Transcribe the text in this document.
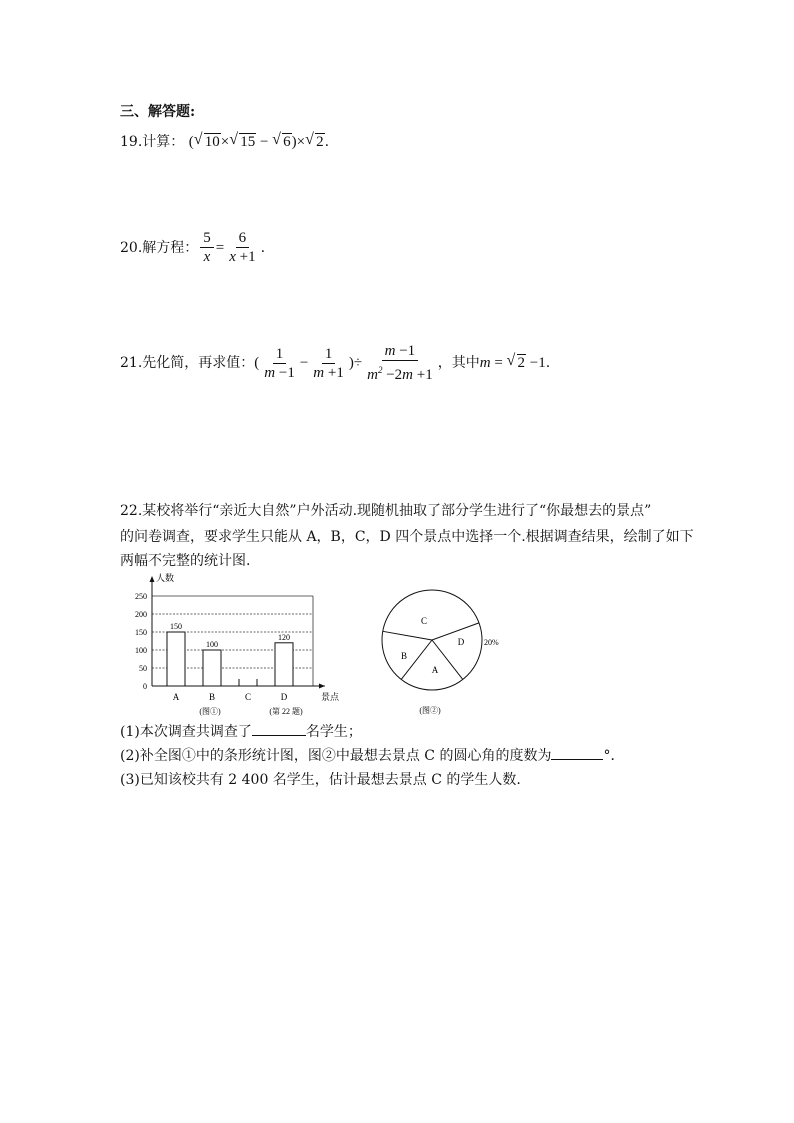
三、解答题:
19.计算： ( √ 10× √ 15 − √ 6)× √ 2.
20. 解方程： $\frac{5}{x} = \frac{6}{x +1}$ .
21. 先化简，再求值： ( $\frac{1}{m -1} - \frac{1}{m +1}$ )÷ $\frac{m -1}{m^2 -2m +1}$ ，其中 m = √ 2 −1 .
22.某校将举行“亲近大自然”户外活动.现随机抽取了部分学生进行了“你最想去的景点”
的问卷调查，要求学生只能从 A，B，C，D 四个景点中选择一个.根据调查结果，绘制了如下
两幅不完整的统计图.
0
50
100
150
200
250
人数
景点
150
A
100
B	C
120
D
(图①)	(第 22 题)
C
D
A
B
20%
(图②)
(1)本次调查共调查了	名学生；
(2)补全图①中的条形统计图，图②中最想去景点 C 的圆心角的度数为	°．
(3)已知该校共有 2 400 名学生，估计最想去景点 C 的学生人数.
